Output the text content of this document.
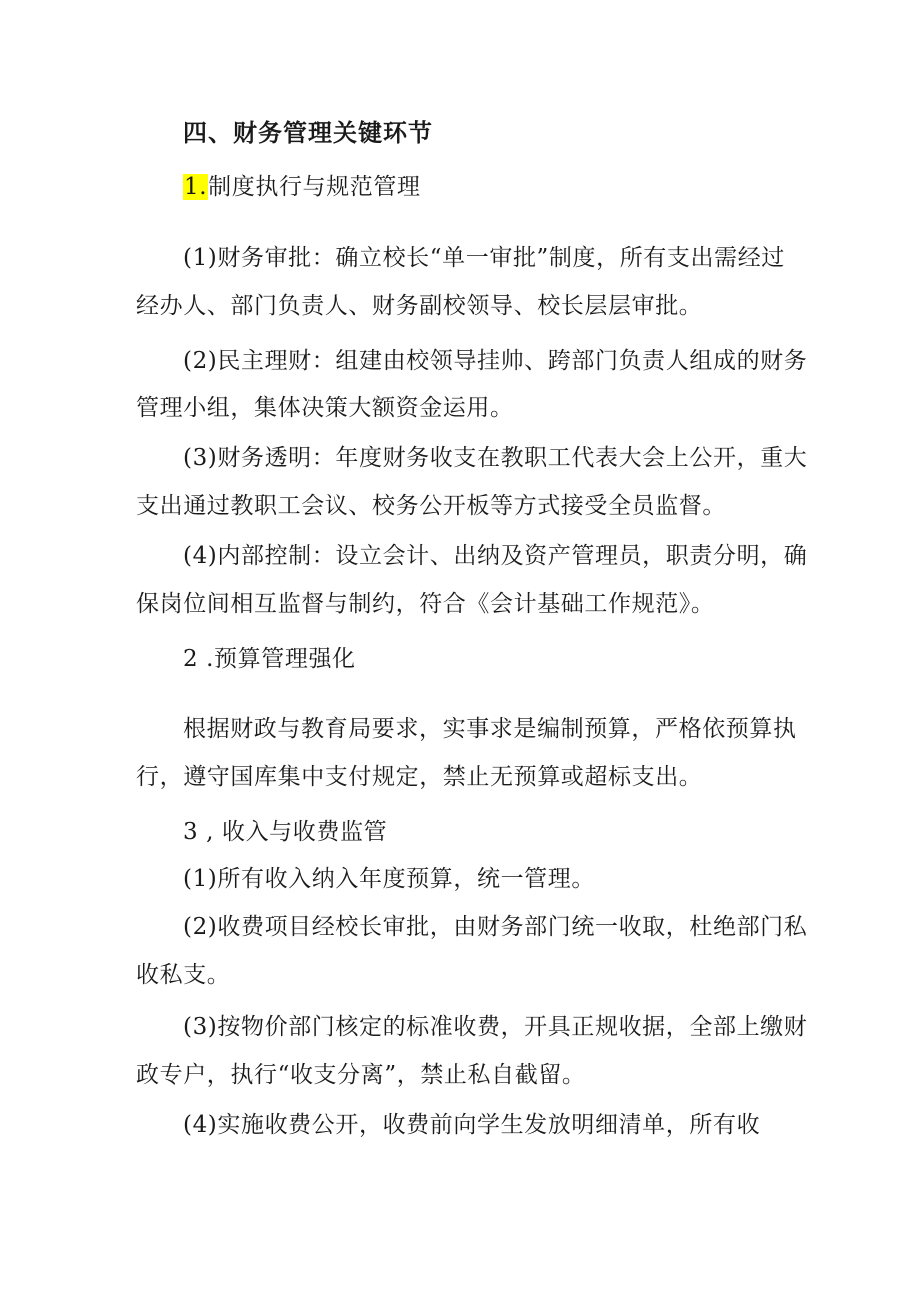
四、财务管理关键环节
1.制度执行与规范管理
(1)财务审批：确立校长“单一审批”制度，所有支出需经过
经办人、部门负责人、财务副校领导、校长层层审批。
(2)民主理财：组建由校领导挂帅、跨部门负责人组成的财务
管理小组，集体决策大额资金运用。
(3)财务透明：年度财务收支在教职工代表大会上公开，重大
支出通过教职工会议、校务公开板等方式接受全员监督。
(4)内部控制：设立会计、出纳及资产管理员，职责分明，确
保岗位间相互监督与制约，符合《会计基础工作规范》。
2 .预算管理强化
根据财政与教育局要求，实事求是编制预算，严格依预算执
行，遵守国库集中支付规定，禁止无预算或超标支出。
3 , 收入与收费监管
(1)所有收入纳入年度预算，统一管理。
(2)收费项目经校长审批，由财务部门统一收取，杜绝部门私
收私支。
(3)按物价部门核定的标准收费，开具正规收据，全部上缴财
政专户，执行“收支分离”，禁止私自截留。
(4)实施收费公开，收费前向学生发放明细清单，所有收
